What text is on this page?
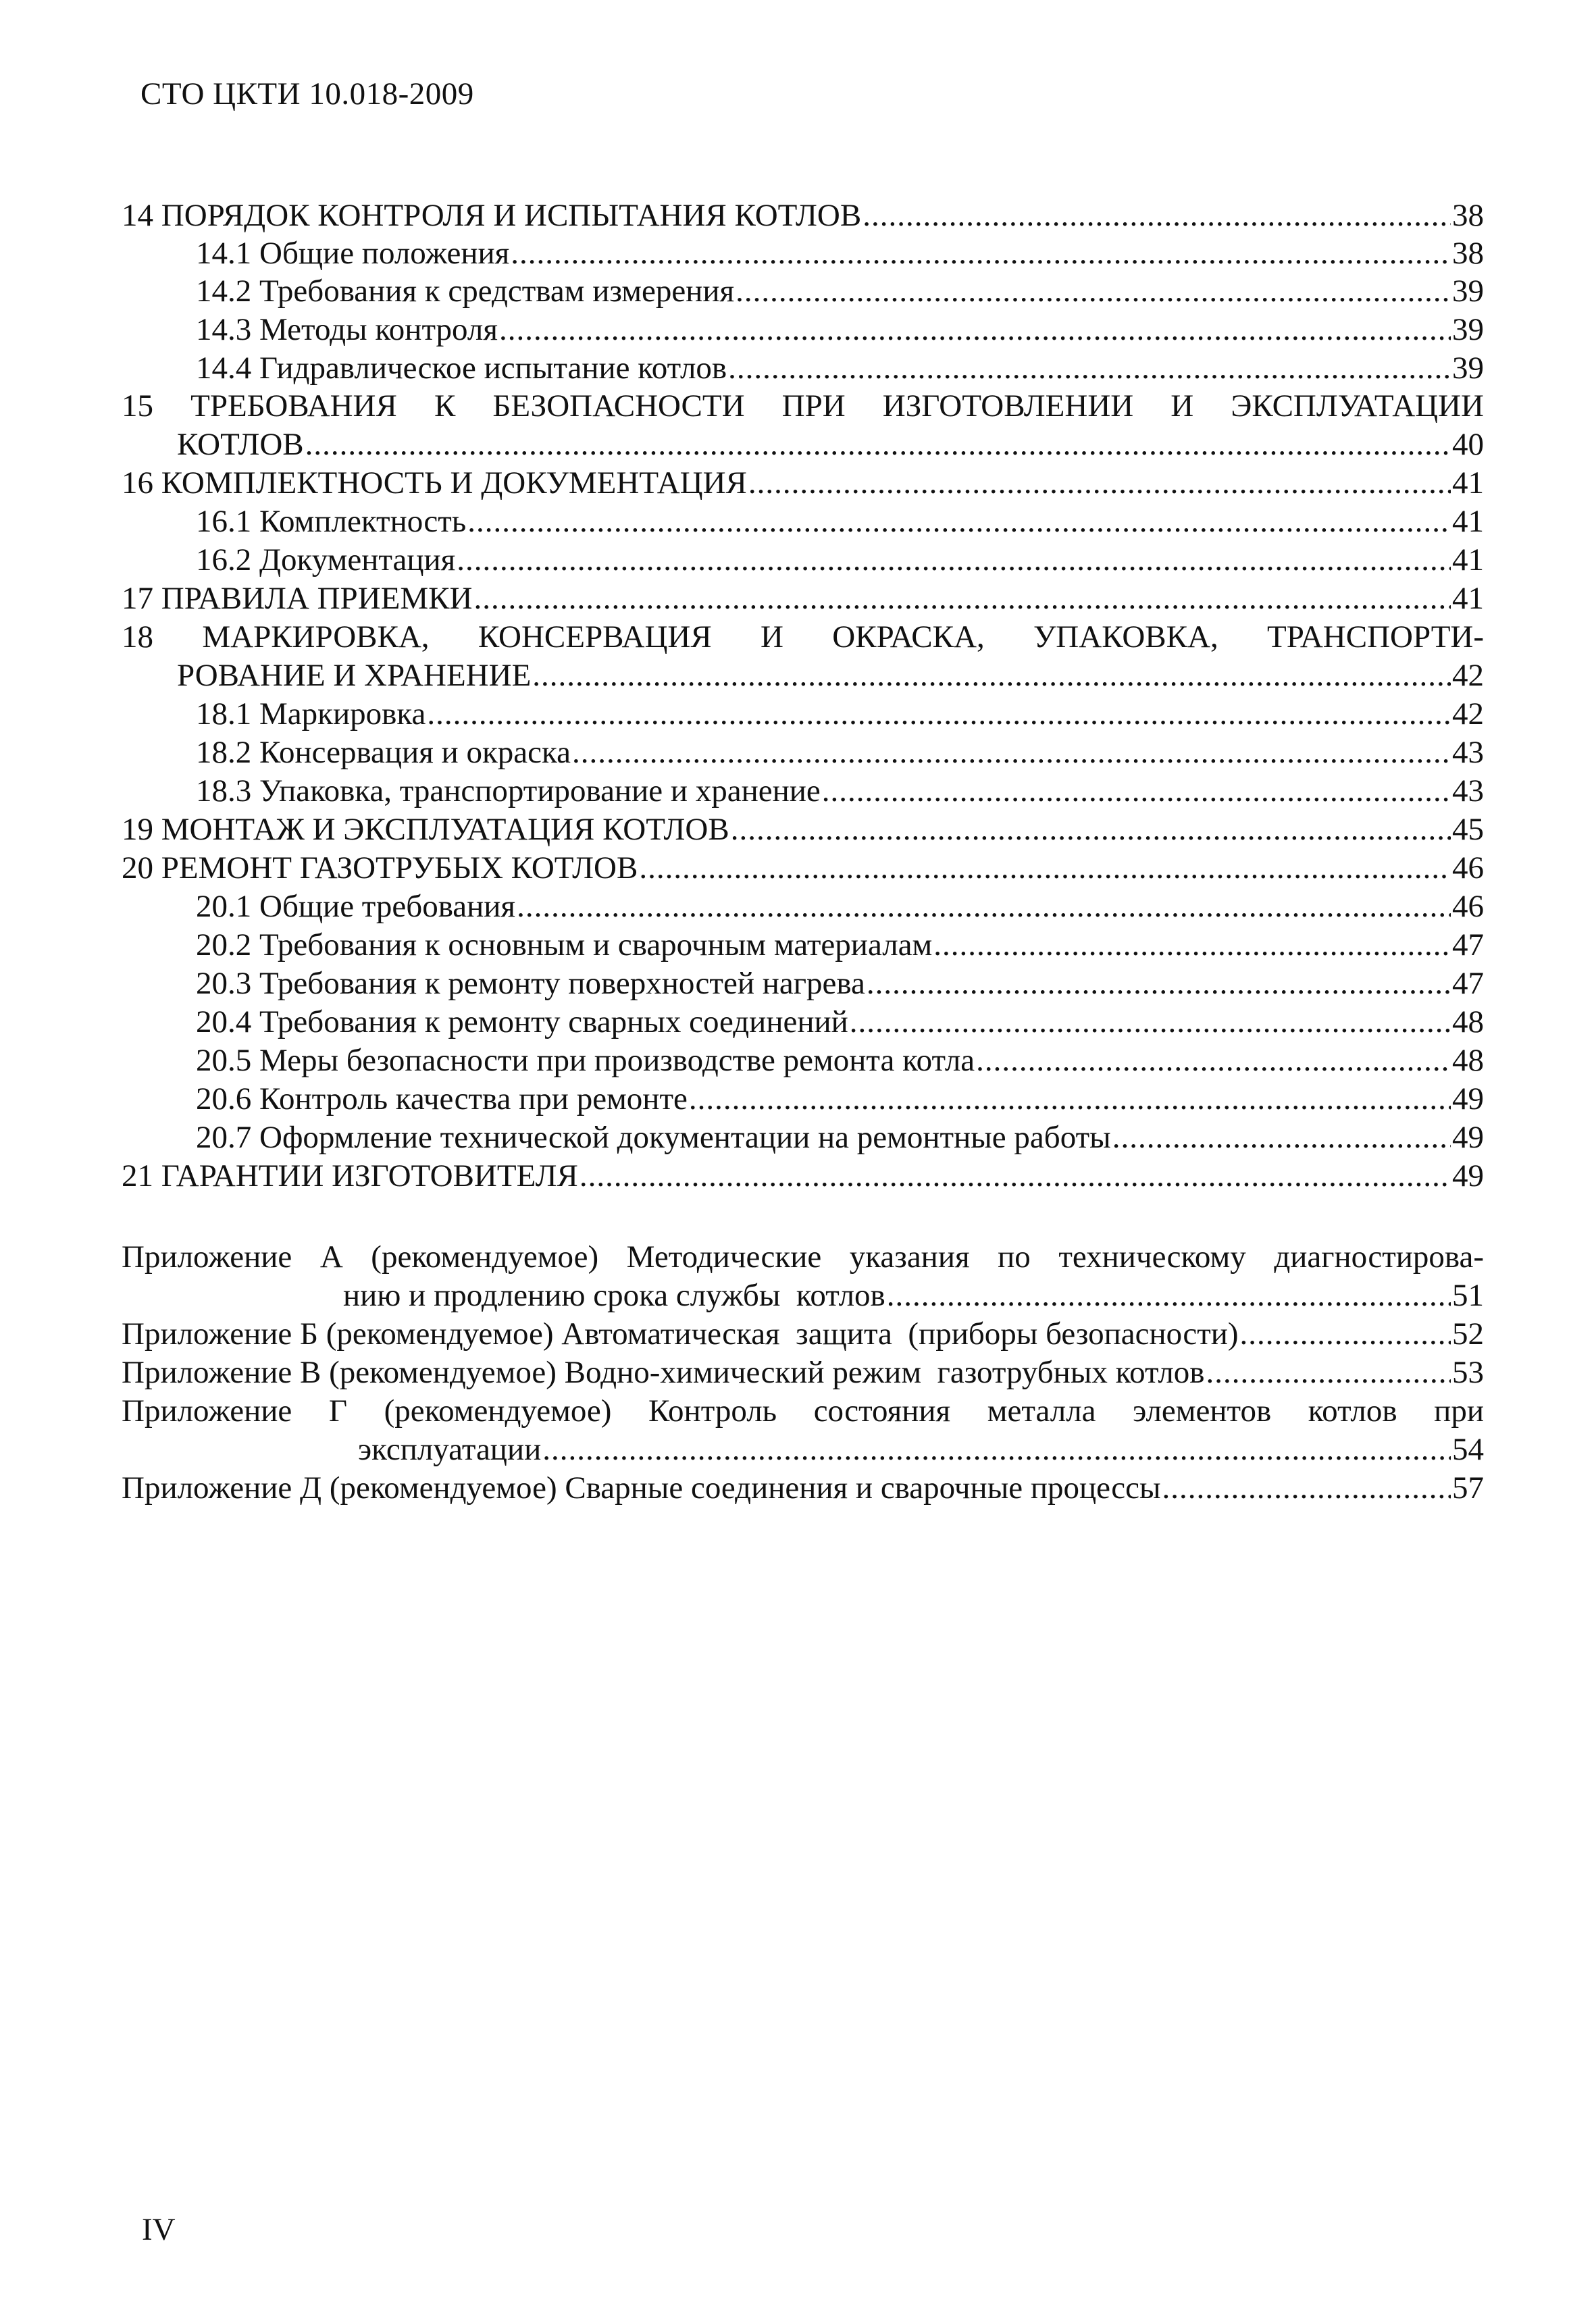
СТО ЦКТИ 10.018-2009
14 ПОРЯДОК КОНТРОЛЯ И ИСПЫТАНИЯ КОТЛОВ .....	38
14.1 Общие положения .....	38
14.2 Требования к средствам измерения .....	39
14.3 Методы контроля .....	39
14.4 Гидравлическое испытание котлов .....	39
15 ТРЕБОВАНИЯ К БЕЗОПАСНОСТИ ПРИ ИЗГОТОВЛЕНИИ И ЭКСПЛУАТАЦИИ
КОТЛОВ .....	40
16 КОМПЛЕКТНОСТЬ И ДОКУМЕНТАЦИЯ .....	41
16.1 Комплектность .....	41
16.2 Документация .....	41
17 ПРАВИЛА ПРИЕМКИ .....	41
18 МАРКИРОВКА, КОНСЕРВАЦИЯ И ОКРАСКА, УПАКОВКА, ТРАНСПОРТИ-
РОВАНИЕ И ХРАНЕНИЕ .....	42
18.1 Маркировка .....	42
18.2 Консервация и окраска .....	43
18.3 Упаковка, транспортирование и хранение .....	43
19 МОНТАЖ И ЭКСПЛУАТАЦИЯ КОТЛОВ .....	45
20 РЕМОНТ ГАЗОТРУБЫХ КОТЛОВ .....	46
20.1 Общие требования .....	46
20.2 Требования к основным и сварочным материалам .....	47
20.3 Требования к ремонту поверхностей нагрева .....	47
20.4 Требования к ремонту сварных соединений .....	48
20.5 Меры безопасности при производстве ремонта котла .....	48
20.6 Контроль качества при ремонте .....	49
20.7 Оформление технической документации на ремонтные работы .....	49
21 ГАРАНТИИ ИЗГОТОВИТЕЛЯ .....	49
Приложение А (рекомендуемое) Методические указания по техническому диагностирова-
нию и продлению срока службы  котлов .....	51
Приложение Б (рекомендуемое) Автоматическая  защита  (приборы безопасности) .....	52
Приложение В (рекомендуемое) Водно-химический режим  газотрубных котлов .....	53
Приложение Г (рекомендуемое) Контроль состояния металла элементов котлов при
эксплуатации .....	54
Приложение Д (рекомендуемое) Сварные соединения и сварочные процессы .....	57
IV
